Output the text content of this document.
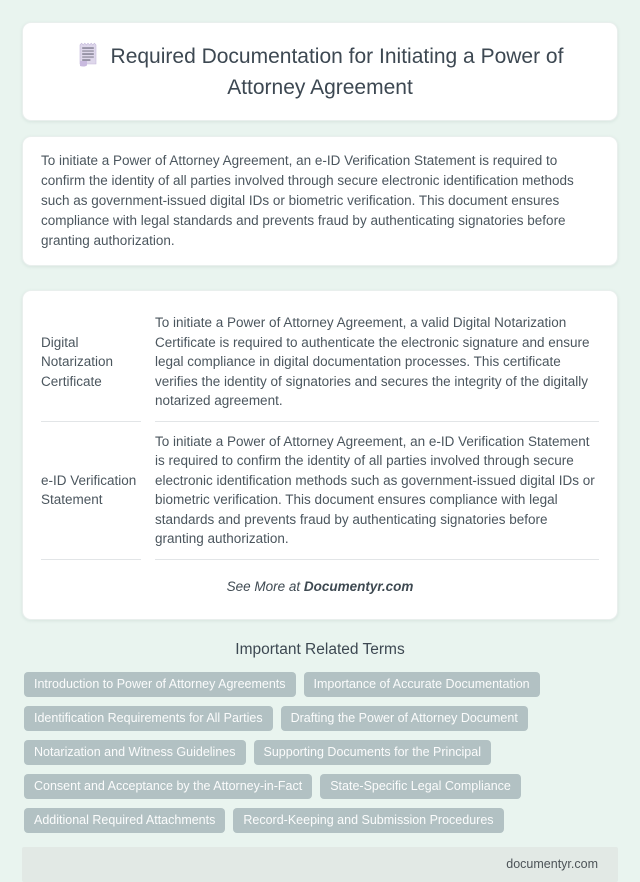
Required Documentation for Initiating a Power of Attorney Agreement

To initiate a Power of Attorney Agreement, an e-ID Verification Statement is required to confirm the identity of all parties involved through secure electronic identification methods such as government-issued digital IDs or biometric verification. This document ensures compliance with legal standards and prevents fraud by authenticating signatories before granting authorization.

Digital Notarization Certificate
To initiate a Power of Attorney Agreement, a valid Digital Notarization Certificate is required to authenticate the electronic signature and ensure legal compliance in digital documentation processes. This certificate verifies the identity of signatories and secures the integrity of the digitally notarized agreement.
e-ID Verification Statement
To initiate a Power of Attorney Agreement, an e-ID Verification Statement is required to confirm the identity of all parties involved through secure electronic identification methods such as government-issued digital IDs or biometric verification. This document ensures compliance with legal standards and prevents fraud by authenticating signatories before granting authorization.

See More at Documentyr.com

Important Related Terms
Introduction to Power of Attorney Agreements	Importance of Accurate Documentation
Identification Requirements for All Parties	Drafting the Power of Attorney Document
Notarization and Witness Guidelines	Supporting Documents for the Principal
Consent and Acceptance by the Attorney-in-Fact	State-Specific Legal Compliance
Additional Required Attachments	Record-Keeping and Submission Procedures
documentyr.com
